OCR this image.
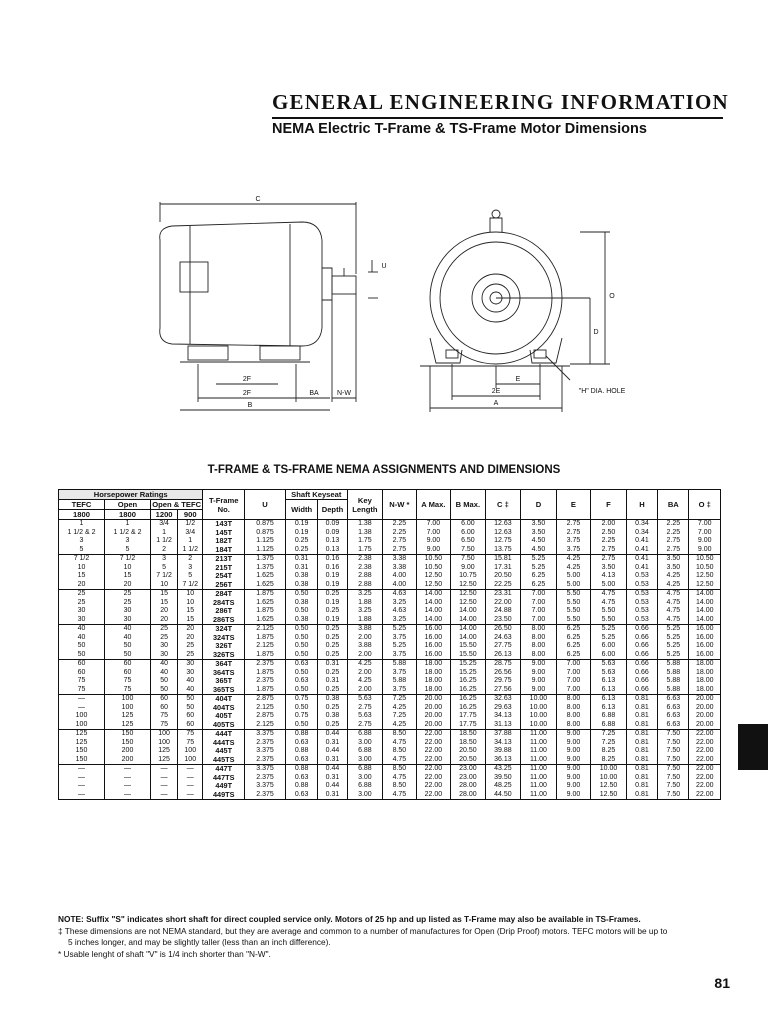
GENERAL ENGINEERING INFORMATION
NEMA Electric T-Frame & TS-Frame Motor Dimensions
C
U
O
D
E
2F
2F	BA	N-W
B
2E
A
"H" DIA. HOLE
T-FRAME & TS-FRAME NEMA ASSIGNMENTS AND DIMENSIONS
Horsepower Ratings				T-Frame No.	U	Shaft Keyseat		Key Length	N-W *	A Max.	B Max.	C ‡	D	E	F	H	BA	O ‡
TEFC	Open	Open & TEFC				Width	Depth											
1800	1800	1200	900															
1	1	3/4	1/2	143T	0.875	0.19	0.09	1.38	2.25	7.00	6.00	12.63	3.50	2.75	2.00	0.34	2.25	7.00
1 1/2 & 2	1 1/2 & 2	1	3/4	145T	0.875	0.19	0.09	1.38	2.25	7.00	6.00	12.63	3.50	2.75	2.50	0.34	2.25	7.00
3	3	1 1/2	1	182T	1.125	0.25	0.13	1.75	2.75	9.00	6.50	12.75	4.50	3.75	2.25	0.41	2.75	9.00
5	5	2	1 1/2	184T	1.125	0.25	0.13	1.75	2.75	9.00	7.50	13.75	4.50	3.75	2.75	0.41	2.75	9.00
7 1/2	7 1/2	3	2	213T	1.375	0.31	0.16	2.38	3.38	10.50	7.50	15.81	5.25	4.25	2.75	0.41	3.50	10.50
10	10	5	3	215T	1.375	0.31	0.16	2.38	3.38	10.50	9.00	17.31	5.25	4.25	3.50	0.41	3.50	10.50
15	15	7 1/2	5	254T	1.625	0.38	0.19	2.88	4.00	12.50	10.75	20.50	6.25	5.00	4.13	0.53	4.25	12.50
20	20	10	7 1/2	256T	1.625	0.38	0.19	2.88	4.00	12.50	12.50	22.25	6.25	5.00	5.00	0.53	4.25	12.50
25	25	15	10	284T	1.875	0.50	0.25	3.25	4.63	14.00	12.50	23.31	7.00	5.50	4.75	0.53	4.75	14.00
25	25	15	10	284TS	1.625	0.38	0.19	1.88	3.25	14.00	12.50	22.00	7.00	5.50	4.75	0.53	4.75	14.00
30	30	20	15	286T	1.875	0.50	0.25	3.25	4.63	14.00	14.00	24.88	7.00	5.50	5.50	0.53	4.75	14.00
30	30	20	15	286TS	1.625	0.38	0.19	1.88	3.25	14.00	14.00	23.50	7.00	5.50	5.50	0.53	4.75	14.00
40	40	25	20	324T	2.125	0.50	0.25	3.88	5.25	16.00	14.00	26.50	8.00	6.25	5.25	0.66	5.25	16.00
40	40	25	20	324TS	1.875	0.50	0.25	2.00	3.75	16.00	14.00	24.63	8.00	6.25	5.25	0.66	5.25	16.00
50	50	30	25	326T	2.125	0.50	0.25	3.88	5.25	16.00	15.50	27.75	8.00	6.25	6.00	0.66	5.25	16.00
50	50	30	25	326TS	1.875	0.50	0.25	2.00	3.75	16.00	15.50	26.13	8.00	6.25	6.00	0.66	5.25	16.00
60	60	40	30	364T	2.375	0.63	0.31	4.25	5.88	18.00	15.25	28.75	9.00	7.00	5.63	0.66	5.88	18.00
60	60	40	30	364TS	1.875	0.50	0.25	2.00	3.75	18.00	15.25	26.56	9.00	7.00	5.63	0.66	5.88	18.00
75	75	50	40	365T	2.375	0.63	0.31	4.25	5.88	18.00	16.25	29.75	9.00	7.00	6.13	0.66	5.88	18.00
75	75	50	40	365TS	1.875	0.50	0.25	2.00	3.75	18.00	16.25	27.56	9.00	7.00	6.13	0.66	5.88	18.00
—	100	60	50	404T	2.875	0.75	0.38	5.63	7.25	20.00	16.25	32.63	10.00	8.00	6.13	0.81	6.63	20.00
—	100	60	50	404TS	2.125	0.50	0.25	2.75	4.25	20.00	16.25	29.63	10.00	8.00	6.13	0.81	6.63	20.00
100	125	75	60	405T	2.875	0.75	0.38	5.63	7.25	20.00	17.75	34.13	10.00	8.00	6.88	0.81	6.63	20.00
100	125	75	60	405TS	2.125	0.50	0.25	2.75	4.25	20.00	17.75	31.13	10.00	8.00	6.88	0.81	6.63	20.00
125	150	100	75	444T	3.375	0.88	0.44	6.88	8.50	22.00	18.50	37.88	11.00	9.00	7.25	0.81	7.50	22.00
125	150	100	75	444TS	2.375	0.63	0.31	3.00	4.75	22.00	18.50	34.13	11.00	9.00	7.25	0.81	7.50	22.00
150	200	125	100	445T	3.375	0.88	0.44	6.88	8.50	22.00	20.50	39.88	11.00	9.00	8.25	0.81	7.50	22.00
150	200	125	100	445TS	2.375	0.63	0.31	3.00	4.75	22.00	20.50	36.13	11.00	9.00	8.25	0.81	7.50	22.00
—	—	—	—	447T	3.375	0.88	0.44	6.88	8.50	22.00	23.00	43.25	11.00	9.00	10.00	0.81	7.50	22.00
—	—	—	—	447TS	2.375	0.63	0.31	3.00	4.75	22.00	23.00	39.50	11.00	9.00	10.00	0.81	7.50	22.00
—	—	—	—	449T	3.375	0.88	0.44	6.88	8.50	22.00	28.00	48.25	11.00	9.00	12.50	0.81	7.50	22.00
—	—	—	—	449TS	2.375	0.63	0.31	3.00	4.75	22.00	28.00	44.50	11.00	9.00	12.50	0.81	7.50	22.00

NOTE: Suffix "S" indicates short shaft for direct coupled service only. Motors of 25 hp and up listed as T-Frame may also be available in TS-Frames.

‡ These dimensions are not NEMA standard, but they are average and common to a number of manufactures for Open (Drip Proof) motors. TEFC motors will be up to

5 inches longer, and may be slightly taller (less than an inch difference).

* Usable lenght of shaft "V" is 1/4 inch shorter than "N-W".

81
